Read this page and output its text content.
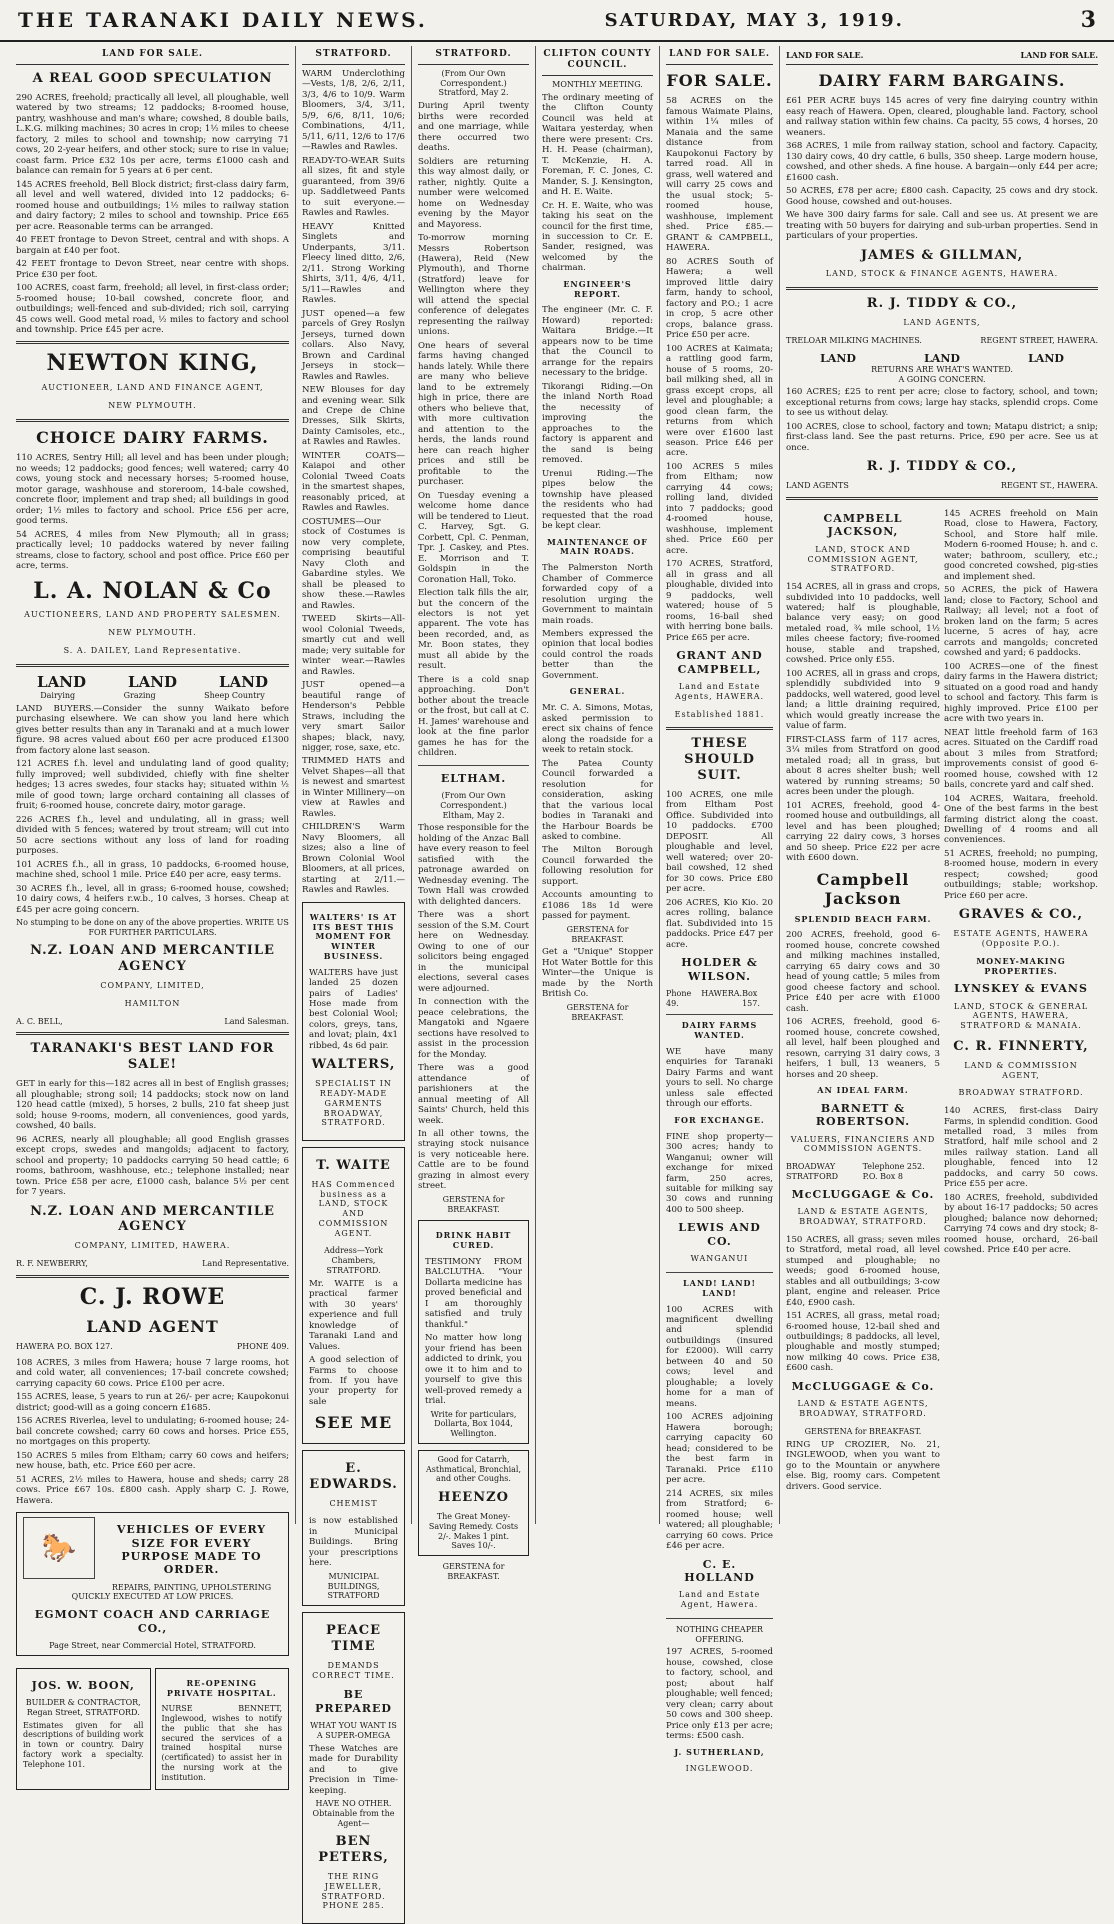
THE TARANAKI DAILY NEWS.	SATURDAY, MAY 3, 1919.	3
LAND FOR SALE.
A REAL GOOD SPECULATION
290 ACRES, freehold; practically all level, all ploughable, well watered by two streams; 12 paddocks; 8-roomed house, pantry, washhouse and man's whare; cowshed, 8 double bails, L.K.G. milking machines; 30 acres in crop; 1½ miles to cheese factory, 2 miles to school and township; now carrying 71 cows, 20 2-year heifers, and other stock; sure to rise in value; coast farm. Price £32 10s per acre, terms £1000 cash and balance can remain for 5 years at 6 per cent.
145 ACRES freehold, Bell Block district; first-class dairy farm, all level and well watered, divided into 12 paddocks; 6-roomed house and outbuildings; 1½ miles to railway station and dairy factory; 2 miles to school and township. Price £65 per acre. Reasonable terms can be arranged.
40 FEET frontage to Devon Street, central and with shops. A bargain at £40 per foot.
42 FEET frontage to Devon Street, near centre with shops. Price £30 per foot.
100 ACRES, coast farm, freehold; all level, in first-class order; 5-roomed house; 10-bail cowshed, concrete floor, and outbuildings; well-fenced and sub-divided; rich soil, carrying 45 cows well. Good metal road, ½ miles to factory and school and township. Price £45 per acre.
NEWTON KING,
AUCTIONEER, LAND AND FINANCE AGENT,
NEW PLYMOUTH.
CHOICE DAIRY FARMS.
110 ACRES, Sentry Hill; all level and has been under plough; no weeds; 12 paddocks; good fences; well watered; carry 40 cows, young stock and necessary horses; 5-roomed house, motor garage, washhouse and storeroom, 14-bale cowshed, concrete floor, implement and trap shed; all buildings in good order; 1½ miles to factory and school. Price £56 per acre, good terms.
54 ACRES, 4 miles from New Plymouth; all in grass; practically level; 10 paddocks watered by never failing streams, close to factory, school and post office. Price £60 per acre, terms.
L. A. NOLAN & Co
AUCTIONEERS, LAND AND PROPERTY SALESMEN.
NEW PLYMOUTH.
S. A. DAILEY, Land Representative.
LAND	LAND	LAND
Dairying	Grazing	Sheep Country
LAND BUYERS.—Consider the sunny Waikato before purchasing elsewhere. We can show you land here which gives better results than any in Taranaki and at a much lower figure. 98 acres valued about £60 per acre produced £1300 from factory alone last season.
121 ACRES f.h. level and undulating land of good quality; fully improved; well subdivided, chiefly with fine shelter hedges; 13 acres swedes, four stacks hay; situated within ½ mile of good town; large orchard containing all classes of fruit; 6-roomed house, concrete dairy, motor garage.
226 ACRES f.h., level and undulating, all in grass; well divided with 5 fences; watered by trout stream; will cut into 50 acre sections without any loss of land for roading purposes.
101 ACRES f.h., all in grass, 10 paddocks, 6-roomed house, machine shed, school 1 mile. Price £40 per acre, easy terms.
30 ACRES f.h., level, all in grass; 6-roomed house, cowshed; 10 dairy cows, 4 heifers r.w.b., 10 calves, 3 horses. Cheap at £45 per acre going concern.
No stumping to be done on any of the above properties. WRITE US FOR FURTHER PARTICULARS.
N.Z. LOAN AND MERCANTILE AGENCY
COMPANY, LIMITED,
HAMILTON
A. C. BELL,	Land Salesman.
TARANAKI'S BEST LAND FOR SALE!
GET in early for this—182 acres all in best of English grasses; all ploughable; strong soil; 14 paddocks; stock now on land 120 head cattle (mixed), 5 horses, 2 bulls, 210 fat sheep just sold; house 9-rooms, modern, all conveniences, good yards, cowshed, 40 bails.
96 ACRES, nearly all ploughable; all good English grasses except crops, swedes and mangolds; adjacent to factory, school and property; 10 paddocks carrying 50 head cattle; 6 rooms, bathroom, washhouse, etc.; telephone installed; near town. Price £58 per acre, £1000 cash, balance 5½ per cent for 7 years.
N.Z. LOAN AND MERCANTILE AGENCY
COMPANY, LIMITED, HAWERA.
R. F. NEWBERRY,	Land Representative.
C. J. ROWE
LAND AGENT
HAWERA P.O. BOX 127.	PHONE 409.
108 ACRES, 3 miles from Hawera; house 7 large rooms, hot and cold water, all conveniences; 17-bail concrete cowshed; carrying capacity 60 cows. Price £100 per acre.
155 ACRES, lease, 5 years to run at 26/- per acre; Kaupokonui district; good-will as a going concern £1685.
156 ACRES Riverlea, level to undulating; 6-roomed house; 24-bail concrete cowshed; carry 60 cows and horses. Price £55, no mortgages on this property.
150 ACRES 5 miles from Eltham; carry 60 cows and heifers; new house, bath, etc. Price £60 per acre.
51 ACRES, 2½ miles to Hawera, house and sheds; carry 28 cows. Price £67 10s. £800 cash. Apply sharp C. J. Rowe, Hawera.
🐎
VEHICLES OF EVERY SIZE FOR EVERY PURPOSE MADE TO ORDER.
REPAIRS, PAINTING, UPHOLSTERING QUICKLY EXECUTED AT LOW PRICES.
EGMONT COACH AND CARRIAGE CO.,
Page Street, near Commercial Hotel, STRATFORD.
JOS. W. BOON,
BUILDER & CONTRACTOR, Regan Street, STRATFORD.
Estimates given for all descriptions of building work in town or country. Dairy factory work a specialty. Telephone 101.
RE-OPENING PRIVATE HOSPITAL.
NURSE BENNETT, Inglewood, wishes to notify the public that she has secured the services of a trained hospital nurse (certificated) to assist her in the nursing work at the institution.
STRATFORD.
WARM Underclothing—Vests, 1/8, 2/6, 2/11, 3/3, 4/6 to 10/9. Warm Bloomers, 3/4, 3/11, 5/9, 6/6, 8/11, 10/6; Combinations, 4/11, 5/11, 6/11, 12/6 to 17/6—Rawles and Rawles.
READY-TO-WEAR Suits all sizes, fit and style guaranteed, from 39/6 up. Saddletweed Pants to suit everyone.—Rawles and Rawles.
HEAVY Knitted Singlets and Underpants, 3/11. Fleecy lined ditto, 2/6, 2/11. Strong Working Shirts, 3/11, 4/6, 4/11, 5/11—Rawles and Rawles.
JUST opened—a few parcels of Grey Roslyn Jerseys, turned down collars. Also Navy, Brown and Cardinal Jerseys in stock—Rawles and Rawles.
NEW Blouses for day and evening wear. Silk and Crepe de Chine Dresses, Silk Skirts, Dainty Camisoles, etc., at Rawles and Rawles.
WINTER COATS—Kaiapoi and other Colonial Tweed Coats in the smartest shapes, reasonably priced, at Rawles and Rawles.
COSTUMES—Our stock of Costumes is now very complete, comprising beautiful Navy Cloth and Gabardine styles. We shall be pleased to show these.—Rawles and Rawles.
TWEED Skirts—All-wool Colonial Tweeds, smartly cut and well made; very suitable for winter wear.—Rawles and Rawles.
JUST opened—a beautiful range of Henderson's Pebble Straws, including the very smart Sailor shapes; black, navy, nigger, rose, saxe, etc.
TRIMMED HATS and Velvet Shapes—all that is newest and smartest in Winter Millinery—on view at Rawles and Rawles.
CHILDREN'S Warm Navy Bloomers, all sizes; also a line of Brown Colonial Wool Bloomers, at all prices, starting at 2/11.—Rawles and Rawles.
WALTERS' IS AT ITS BEST THIS MOMENT FOR WINTER BUSINESS.
WALTERS have just landed 25 dozen pairs of Ladies' Hose made from best Colonial Wool; colors, greys, tans, and lovat; plain, 4x1 ribbed, 4s 6d pair.
WALTERS,
SPECIALIST IN READY-MADE GARMENTS BROADWAY, STRATFORD.
T. WAITE
HAS Commenced business as a LAND, STOCK AND COMMISSION AGENT.
Address—York Chambers, STRATFORD.
Mr. WAITE is a practical farmer with 30 years' experience and full knowledge of Taranaki Land and Values.
A good selection of Farms to choose from. If you have your property for sale
SEE ME
E. EDWARDS.
CHEMIST
is now established in Municipal Buildings. Bring your prescriptions here.
MUNICIPAL BUILDINGS, STRATFORD
PEACE TIME
DEMANDS CORRECT TIME.
BE PREPARED
WHAT YOU WANT IS A SUPER-OMEGA
These Watches are made for Durability and to give Precision in Time-keeping.
HAVE NO OTHER.
Obtainable from the Agent—
BEN PETERS,
THE RING JEWELLER, STRATFORD. PHONE 285.
STRATFORD.
(From Our Own Correspondent.)
Stratford, May 2.
During April twenty births were recorded and one marriage, while there occurred two deaths.
Soldiers are returning this way almost daily, or rather, nightly. Quite a number were welcomed home on Wednesday evening by the Mayor and Mayoress.
To-morrow morning Messrs Robertson (Hawera), Reid (New Plymouth), and Thorne (Stratford) leave for Wellington where they will attend the special conference of delegates representing the railway unions.
One hears of several farms having changed hands lately. While there are many who believe land to be extremely high in price, there are others who believe that, with more cultivation and attention to the herds, the lands round here can reach higher prices and still be profitable to the purchaser.
On Tuesday evening a welcome home dance will be tendered to Lieut. C. Harvey, Sgt. G. Corbett, Cpl. C. Penman, Tpr. J. Caskey, and Ptes. E. Morrison and T. Goldspin in the Coronation Hall, Toko.
Election talk fills the air, but the concern of the electors is not yet apparent. The vote has been recorded, and, as Mr. Boon states, they must all abide by the result.
There is a cold snap approaching. Don't bother about the treacle or the frost, but call at C. H. James' warehouse and look at the fine parlor games he has for the children.
ELTHAM.
(From Our Own Correspondent.)
Eltham, May 2.
Those responsible for the holding of the Anzac Ball have every reason to feel satisfied with the patronage awarded on Wednesday evening. The Town Hall was crowded with delighted dancers.
There was a short session of the S.M. Court here on Wednesday. Owing to one of our solicitors being engaged in the municipal elections, several cases were adjourned.
In connection with the peace celebrations, the Mangatoki and Ngaere sections have resolved to assist in the procession for the Monday.
There was a good attendance of parishioners at the annual meeting of All Saints' Church, held this week.
In all other towns, the straying stock nuisance is very noticeable here. Cattle are to be found grazing in almost every street.
GERSTENA for BREAKFAST.
DRINK HABIT CURED.
TESTIMONY FROM BALCLUTHA. "Your Dollarta medicine has proved beneficial and I am thoroughly satisfied and truly thankful."
No matter how long your friend has been addicted to drink, you owe it to him and to yourself to give this well-proved remedy a trial.
Write for particulars, Dollarta, Box 1044, Wellington.
Good for Catarrh, Asthmatical, Bronchial, and other Coughs.
HEENZO
The Great Money-Saving Remedy. Costs 2/-. Makes 1 pint. Saves 10/-.
GERSTENA for BREAKFAST.
CLIFTON COUNTY COUNCIL.
MONTHLY MEETING.
The ordinary meeting of the Clifton County Council was held at Waitara yesterday, when there were present: Crs. H. H. Pease (chairman), T. McKenzie, H. A. Foreman, F. C. Jones, C. Mander, S. J. Kensington, and H. E. Waite.
Cr. H. E. Waite, who was taking his seat on the council for the first time, in succession to Cr. E. Sander, resigned, was welcomed by the chairman.
ENGINEER'S REPORT.
The engineer (Mr. C. F. Howard) reported: Waitara Bridge.—It appears now to be time that the Council to arrange for the repairs necessary to the bridge.
Tikorangi Riding.—On the inland North Road the necessity of improving the approaches to the factory is apparent and the sand is being removed.
Urenui Riding.—The pipes below the township have pleased the residents who had requested that the road be kept clear.
MAINTENANCE OF MAIN ROADS.
The Palmerston North Chamber of Commerce forwarded copy of a resolution urging the Government to maintain main roads.
Members expressed the opinion that local bodies could control the roads better than the Government.
GENERAL.
Mr. C. A. Simons, Motas, asked permission to erect six chains of fence along the roadside for a week to retain stock.
The Patea County Council forwarded a resolution for consideration, asking that the various local bodies in Taranaki and the Harbour Boards be asked to combine.
The Milton Borough Council forwarded the following resolution for support.
Accounts amounting to £1086 18s 1d were passed for payment.
GERSTENA for BREAKFAST.
Get a "Unique" Stopper Hot Water Bottle for this Winter—the Unique is made by the North British Co.
GERSTENA for BREAKFAST.
LAND FOR SALE.
FOR SALE.
58 ACRES on the famous Waimate Plains, within 1¼ miles of Manaia and the same distance from Kaupokonui Factory by tarred road. All in grass, well watered and will carry 25 cows and the usual stock; 5-roomed house, washhouse, implement shed. Price £85.—GRANT & CAMPBELL, HAWERA.
80 ACRES South of Hawera; a well improved little dairy farm, handy to school, factory and P.O.; 1 acre in crop, 5 acre other crops, balance grass. Price £50 per acre.
100 ACRES at Kaimata; a rattling good farm, house of 5 rooms, 20-bail milking shed, all in grass except crops, all level and ploughable; a good clean farm, the returns from which were over £1600 last season. Price £46 per acre.
100 ACRES 5 miles from Eltham; now carrying 44 cows; rolling land, divided into 7 paddocks; good 4-roomed house, washhouse, implement shed. Price £60 per acre.
170 ACRES, Stratford, all in grass and all ploughable, divided into 9 paddocks, well watered; house of 5 rooms, 16-bail shed with herring bone bails. Price £65 per acre.
GRANT AND CAMPBELL,
Land and Estate Agents, HAWERA.
Established 1881.
THESE SHOULD SUIT.
100 ACRES, one mile from Eltham Post Office. Subdivided into 10 paddocks. £700 DEPOSIT. All ploughable and level, well watered; over 20-bail cowshed, 12 shed for 30 cows. Price £80 per acre.
206 ACRES, Kio Kio. 20 acres rolling, balance flat. Subdivided into 15 paddocks. Price £47 per acre.
HOLDER & WILSON.
Phone 49.
HAWERA. Box 157.
DAIRY FARMS WANTED.
WE have many enquiries for Taranaki Dairy Farms and want yours to sell. No charge unless sale effected through our efforts.
FOR EXCHANGE.
FINE shop property—300 acres; handy to Wanganui; owner will exchange for mixed farm, 250 acres, suitable for milking say 30 cows and running 400 to 500 sheep.
LEWIS AND CO.
WANGANUI
LAND! LAND! LAND!
100 ACRES with magnificent dwelling and splendid outbuildings (insured for £2000). Will carry between 40 and 50 cows; level and ploughable; a lovely home for a man of means.
100 ACRES adjoining Hawera borough; carrying capacity 60 head; considered to be the best farm in Taranaki. Price £110 per acre.
214 ACRES, six miles from Stratford; 6-roomed house; well watered; all ploughable; carrying 60 cows. Price £46 per acre.
C. E. HOLLAND
Land and Estate Agent, Hawera.
NOTHING CHEAPER OFFERING.
197 ACRES, 5-roomed house, cowshed, close to factory, school, and post; about half ploughable; well fenced; very clean; carry about 50 cows and 300 sheep. Price only £13 per acre; terms: £500 cash.
J. SUTHERLAND,
INGLEWOOD.
LAND FOR SALE.	LAND FOR SALE.
DAIRY FARM BARGAINS.
£61 PER ACRE buys 145 acres of very fine dairying country within easy reach of Hawera. Open, cleared, ploughable land. Factory, school and railway station within few chains. Ca pacity, 55 cows, 4 horses, 20 weaners.
368 ACRES, 1 mile from railway station, school and factory. Capacity, 130 dairy cows, 40 dry cattle, 6 bulls, 350 sheep. Large modern house, cowshed, and other sheds. A fine house. A bargain—only £44 per acre; £1600 cash.
50 ACRES, £78 per acre; £800 cash. Capacity, 25 cows and dry stock. Good house, cowshed and out-houses.
We have 300 dairy farms for sale. Call and see us. At present we are treating with 50 buyers for dairying and sub-urban properties. Send in particulars of your properties.
JAMES & GILLMAN,
LAND, STOCK & FINANCE AGENTS, HAWERA.
R. J. TIDDY & CO.,
LAND AGENTS,
TRELOAR MILKING MACHINES.	REGENT STREET, HAWERA.
LAND	LAND	LAND
RETURNS ARE WHAT'S WANTED.
A GOING CONCERN.
160 ACRES; £25 to rent per acre; close to factory, school, and town; exceptional returns from cows; large hay stacks, splendid crops. Come to see us without delay.
100 ACRES, close to school, factory and town; Matapu district; a snip; first-class land. See the past returns. Price, £90 per acre. See us at once.
R. J. TIDDY & CO.,
LAND AGENTS	REGENT ST., HAWERA.
CAMPBELL JACKSON,
LAND, STOCK AND COMMISSION AGENT, STRATFORD.
154 ACRES, all in grass and crops, subdivided into 10 paddocks, well watered; half is ploughable, balance very easy; on good metaled road, ¾ mile school, 1½ miles cheese factory; five-roomed house, stable and trapshed, cowshed. Price only £55.
100 ACRES, all in grass and crops, splendidly subdivided into 9 paddocks, well watered, good level land; a little draining required, which would greatly increase the value of farm.
FIRST-CLASS farm of 117 acres, 3¼ miles from Stratford on good metaled road; all in grass, but about 8 acres shelter bush; well watered by running streams; 50 acres been under the plough.
101 ACRES, freehold, good 4-roomed house and outbuildings, all level and has been ploughed; carrying 22 dairy cows, 3 horses and 50 sheep. Price £22 per acre with £600 down.
Campbell Jackson
SPLENDID BEACH FARM.
200 ACRES, freehold, good 6-roomed house, concrete cowshed and milking machines installed, carrying 65 dairy cows and 30 head of young cattle; 5 miles from good cheese factory and school. Price £40 per acre with £1000 cash.
106 ACRES, freehold, good 6-roomed house, concrete cowshed, all level, half been ploughed and resown, carrying 31 dairy cows, 3 heifers, 1 bull, 13 weaners, 5 horses and 20 sheep.
AN IDEAL FARM.
BARNETT & ROBERTSON.
VALUERS, FINANCIERS AND COMMISSION AGENTS.
BROADWAY STRATFORD
Telephone 252. P.O. Box 8
McCLUGGAGE & Co.
LAND & ESTATE AGENTS, BROADWAY, STRATFORD.
150 ACRES, all grass; seven miles to Stratford, metal road, all level stumped and ploughable; no weeds; good 6-roomed house, stables and all outbuildings; 3-cow plant, engine and releaser. Price £40, £900 cash.
151 ACRES, all grass, metal road; 6-roomed house, 12-bail shed and outbuildings; 8 paddocks, all level, ploughable and mostly stumped; now milking 40 cows. Price £38, £600 cash.
McCLUGGAGE & Co.
LAND & ESTATE AGENTS, BROADWAY, STRATFORD.
GERSTENA for BREAKFAST.
RING UP CROZIER, No. 21, INGLEWOOD, when you want to go to the Mountain or anywhere else. Big, roomy cars. Competent drivers. Good service.
145 ACRES freehold on Main Road, close to Hawera, Factory, School, and Store half mile. Modern 6-roomed House; h. and c. water; bathroom, scullery, etc.; good concreted cowshed, pig-sties and implement shed.
50 ACRES, the pick of Hawera land; close to Factory, School and Railway; all level; not a foot of broken land on the farm; 5 acres lucerne, 5 acres of hay, acre carrots and mangolds; concreted cowshed and yard; 6 paddocks.
100 ACRES—one of the finest dairy farms in the Hawera district; situated on a good road and handy to school and factory. This farm is highly improved. Price £100 per acre with two years in.
NEAT little freehold farm of 163 acres. Situated on the Cardiff road about 3 miles from Stratford; improvements consist of good 6-roomed house, cowshed with 12 bails, concrete yard and calf shed.
104 ACRES, Waitara, freehold. One of the best farms in the best farming district along the coast. Dwelling of 4 rooms and all conveniences.
51 ACRES, freehold; no pumping, 8-roomed house, modern in every respect; cowshed; good outbuildings; stable; workshop. Price £60 per acre.
GRAVES & CO.,
ESTATE AGENTS, HAWERA (Opposite P.O.).
MONEY-MAKING PROPERTIES.
LYNSKEY & EVANS
LAND, STOCK & GENERAL AGENTS, HAWERA, STRATFORD & MANAIA.
C. R. FINNERTY,
LAND & COMMISSION AGENT,
BROADWAY STRATFORD.
140 ACRES, first-class Dairy Farms, in splendid condition. Good metalled road, 3 miles from Stratford, half mile school and 2 miles railway station. Land all ploughable, fenced into 12 paddocks, and carry 50 cows. Price £55 per acre.
180 ACRES, freehold, subdivided by about 16-17 paddocks; 50 acres ploughed; balance now dehorned; Carrying 74 cows and dry stock; 8-roomed house, orchard, 26-bail cowshed. Price £40 per acre.
